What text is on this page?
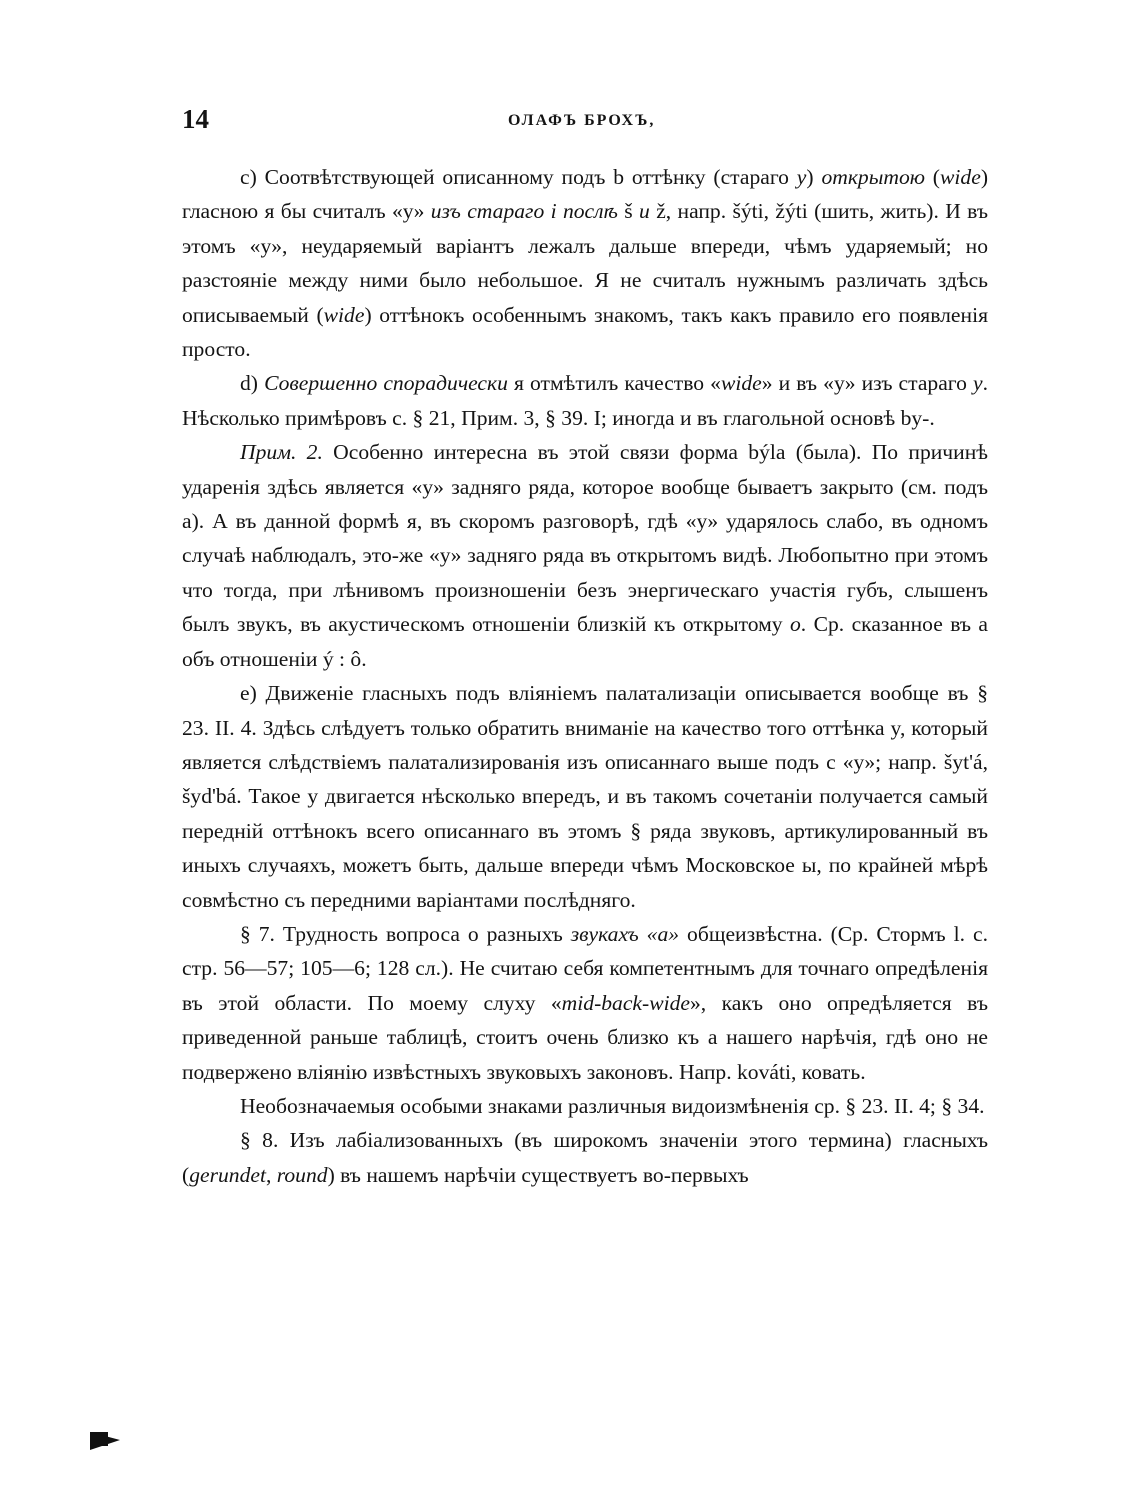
14	ОЛАФЪ БРОХЪ,

c) Соотвѣтствующей описанному подъ b оттѣнку (стараго y) открытою (wide) гласною я бы считалъ «y» изъ стараго і послѣ š и ž, напр. šýti, žýti (шить, жить). И въ этомъ «y», неударяемый варіантъ лежалъ дальше впереди, чѣмъ ударяемый; но разстояніе между ними было небольшое. Я не считалъ нужнымъ различать здѣсь описываемый (wide) оттѣнокъ особеннымъ знакомъ, такъ какъ правило его появленія просто.

d) Совершенно спорадически я отмѣтилъ качество «wide» и въ «y» изъ стараго y. Нѣсколько примѣровъ с. § 21, Прим. 3, § 39. I; иногда и въ глагольной основѣ by-.

Прим. 2. Особенно интересна въ этой связи форма býla (была). По причинѣ ударенія здѣсь является «y» задняго ряда, которое вообще бываетъ закрыто (см. подъ a). А въ данной формѣ я, въ скоромъ разговорѣ, гдѣ «y» ударялось слабо, въ одномъ случаѣ наблюдалъ, это-же «y» задняго ряда въ открытомъ видѣ. Любопытно при этомъ что тогда, при лѣнивомъ произношеніи безъ энергическаго участія губъ, слышенъ былъ звукъ, въ акустическомъ отношеніи близкій къ открытому o. Ср. сказанное въ a объ отношеніи ý : ô.

e) Движеніе гласныхъ подъ вліяніемъ палатализаціи описывается вообще въ § 23. II. 4. Здѣсь слѣдуетъ только обратить вниманіе на качество того оттѣнка y, который является слѣдствіемъ палатализированія изъ описаннаго выше подъ c «y»; напр. šyt'á, šyd'bá. Такое y двигается нѣсколько впередъ, и въ такомъ сочетаніи получается самый передній оттѣнокъ всего описаннаго въ этомъ § ряда звуковъ, артикулированный въ иныхъ случаяхъ, можетъ быть, дальше впереди чѣмъ Московское ы, по крайней мѣрѣ совмѣстно съ передними варіантами послѣдняго.

§ 7. Трудность вопроса о разныхъ звукахъ «a» общеизвѣстна. (Ср. Стормъ l. c. стр. 56—57; 105—6; 128 сл.). Не считаю себя компетентнымъ для точнаго опредѣленія въ этой области. По моему слуху «mid-back-wide», какъ оно опредѣляется въ приведенной раньше таблицѣ, стоитъ очень близко къ a нашего нарѣчія, гдѣ оно не подвержено вліянію извѣстныхъ звуковыхъ законовъ. Напр. kováti, ковать.

Необозначаемыя особыми знаками различныя видоизмѣненія ср. § 23. II. 4; § 34.

§ 8. Изъ лабіализованныхъ (въ широкомъ значеніи этого термина) гласныхъ (gerundet, round) въ нашемъ нарѣчіи существуетъ во-первыхъ
